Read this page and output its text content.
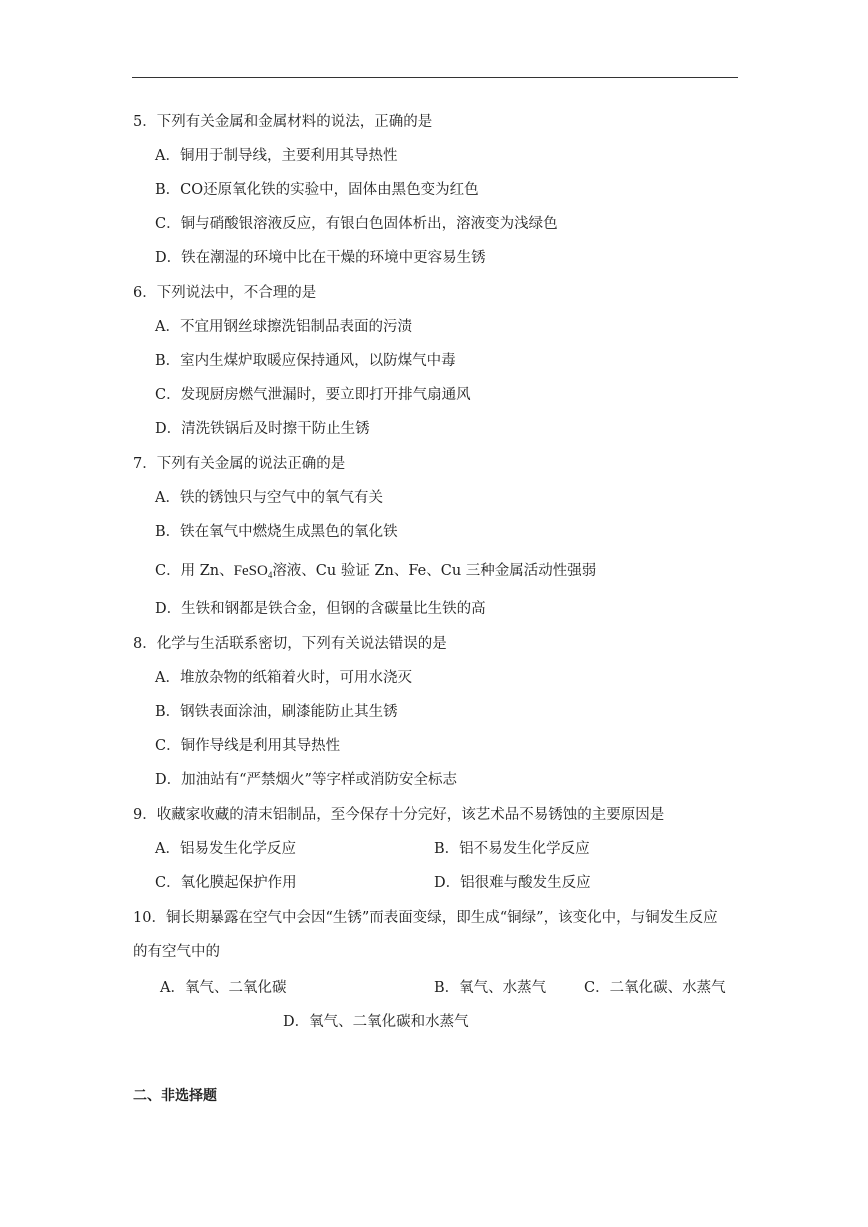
5．下列有关金属和金属材料的说法，正确的是
A．铜用于制导线，主要利用其导热性
B．CO还原氧化铁的实验中，固体由黑色变为红色
C．铜与硝酸银溶液反应，有银白色固体析出，溶液变为浅绿色
D．铁在潮湿的环境中比在干燥的环境中更容易生锈
6．下列说法中，不合理的是
A．不宜用钢丝球擦洗铝制品表面的污渍
B．室内生煤炉取暖应保持通风，以防煤气中毒
C．发现厨房燃气泄漏时，要立即打开排气扇通风
D．清洗铁锅后及时擦干防止生锈
7．下列有关金属的说法正确的是
A．铁的锈蚀只与空气中的氧气有关
B．铁在氧气中燃烧生成黑色的氧化铁
C．用 Zn、FeSO$_4$溶液、Cu 验证 Zn、Fe、Cu 三种金属活动性强弱
D．生铁和钢都是铁合金，但钢的含碳量比生铁的高
8．化学与生活联系密切，下列有关说法错误的是
A．堆放杂物的纸箱着火时，可用水浇灭
B．钢铁表面涂油，刷漆能防止其生锈
C．铜作导线是利用其导热性
D．加油站有“严禁烟火”等字样或消防安全标志
9．收藏家收藏的清末铝制品，至今保存十分完好，该艺术品不易锈蚀的主要原因是
A．铝易发生化学反应	B．铝不易发生化学反应
C．氧化膜起保护作用	D．铝很难与酸发生反应
10．铜长期暴露在空气中会因“生锈”而表面变绿，即生成“铜绿”，该变化中，与铜发生反应
的有空气中的
A．氧气、二氧化碳	B．氧气、水蒸气	C．二氧化碳、水蒸气
D．氧气、二氧化碳和水蒸气
二、非选择题
